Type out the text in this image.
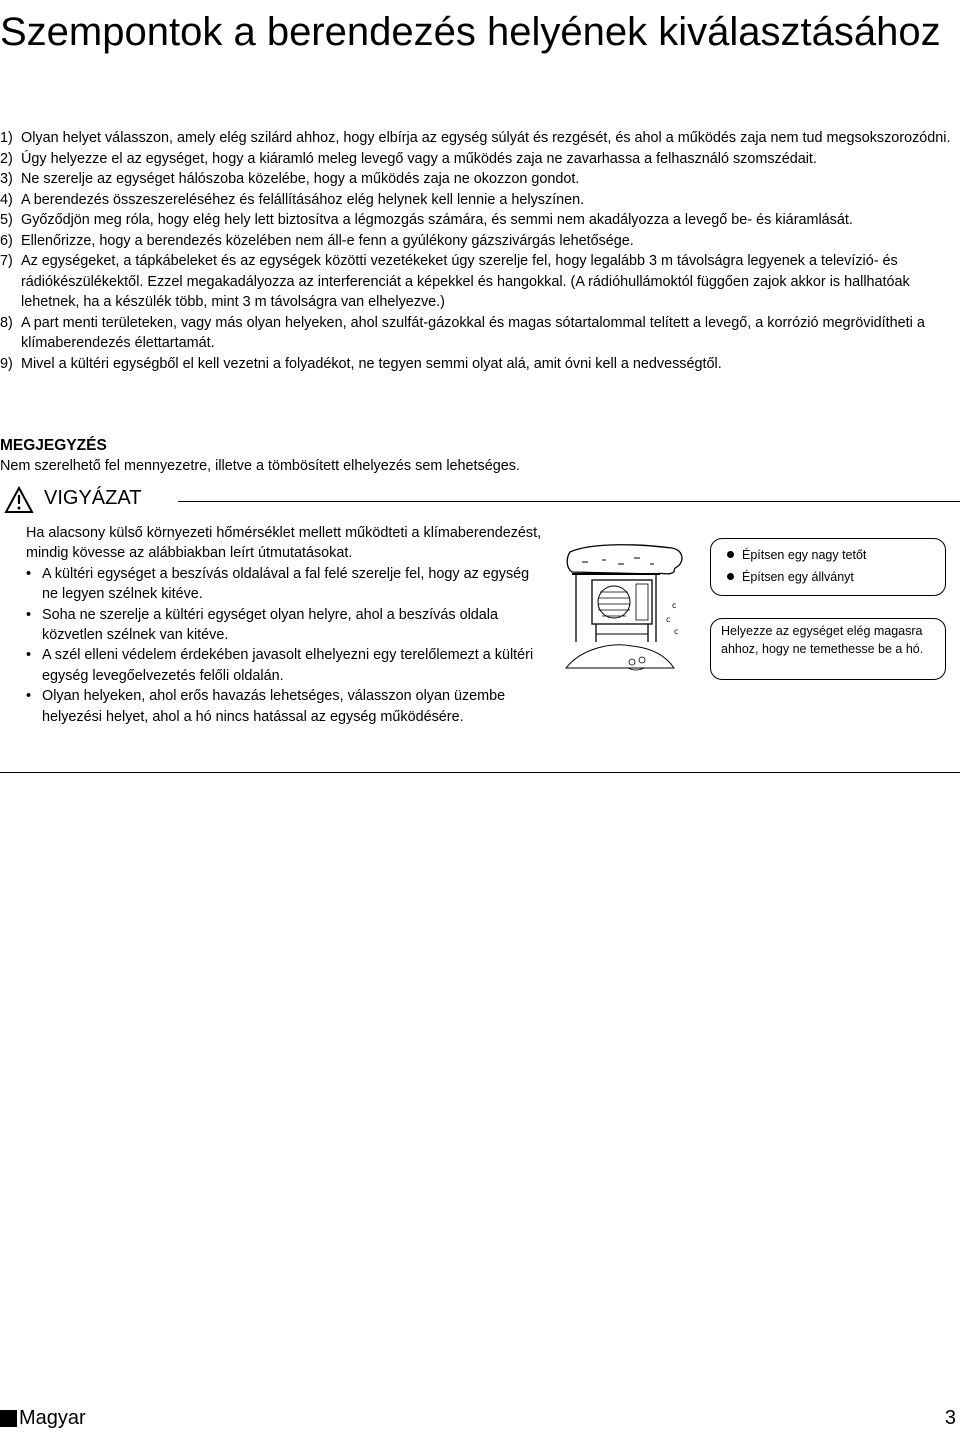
Szempontok a berendezés helyének kiválasztásához
1) Olyan helyet válasszon, amely elég szilárd ahhoz, hogy elbírja az egység súlyát és rezgését, és ahol a működés zaja nem tud megsokszorozódni.
2) Úgy helyezze el az egységet, hogy a kiáramló meleg levegő vagy a működés zaja ne zavarhassa a felhasználó szomszédait.
3) Ne szerelje az egységet hálószoba közelébe, hogy a működés zaja ne okozzon gondot.
4) A berendezés összeszereléséhez és felállításához elég helynek kell lennie a helyszínen.
5) Győződjön meg róla, hogy elég hely lett biztosítva a légmozgás számára, és semmi nem akadályozza a levegő be- és kiáramlását.
6) Ellenőrizze, hogy a berendezés közelében nem áll-e fenn a gyúlékony gázszivárgás lehetősége.
7) Az egységeket, a tápkábeleket és az egységek közötti vezetékeket úgy szerelje fel, hogy legalább 3 m távolságra legyenek a televízió- és rádiókészülékektől. Ezzel megakadályozza az interferenciát a képekkel és hangokkal. (A rádióhullámoktól függően zajok akkor is hallhatóak lehetnek, ha a készülék több, mint 3 m távolságra van elhelyezve.)
8) A part menti területeken, vagy más olyan helyeken, ahol szulfát-gázokkal és magas sótartalommal telített a levegő, a korrózió megrövidítheti a klímaberendezés élettartamát.
9) Mivel a kültéri egységből el kell vezetni a folyadékot, ne tegyen semmi olyat alá, amit óvni kell a nedvességtől.
MEGJEGYZÉS

Nem szerelhető fel mennyezetre, illetve a tömbösített elhelyezés sem lehetséges.

VIGYÁZAT

Ha alacsony külső környezeti hőmérséklet mellett működteti a klímaberendezést, mindig kövesse az alábbiakban leírt útmutatásokat.

• A kültéri egységet a beszívás oldalával a fal felé szerelje fel, hogy az egység ne legyen szélnek kitéve.
• Soha ne szerelje a kültéri egységet olyan helyre, ahol a beszívás oldala közvetlen szélnek van kitéve.
• A szél elleni védelem érdekében javasolt elhelyezni egy terelőlemezt a kültéri egység levegőelvezetés felőli oldalán.
• Olyan helyeken, ahol erős havazás lehetséges, válasszon olyan üzembe helyezési helyet, ahol a hó nincs hatással az egység működésére.
c
c
c
Építsen egy nagy tetőt
Építsen egy állványt
Helyezze az egységet elég magasra ahhoz, hogy ne temethesse be a hó.
Magyar	3
